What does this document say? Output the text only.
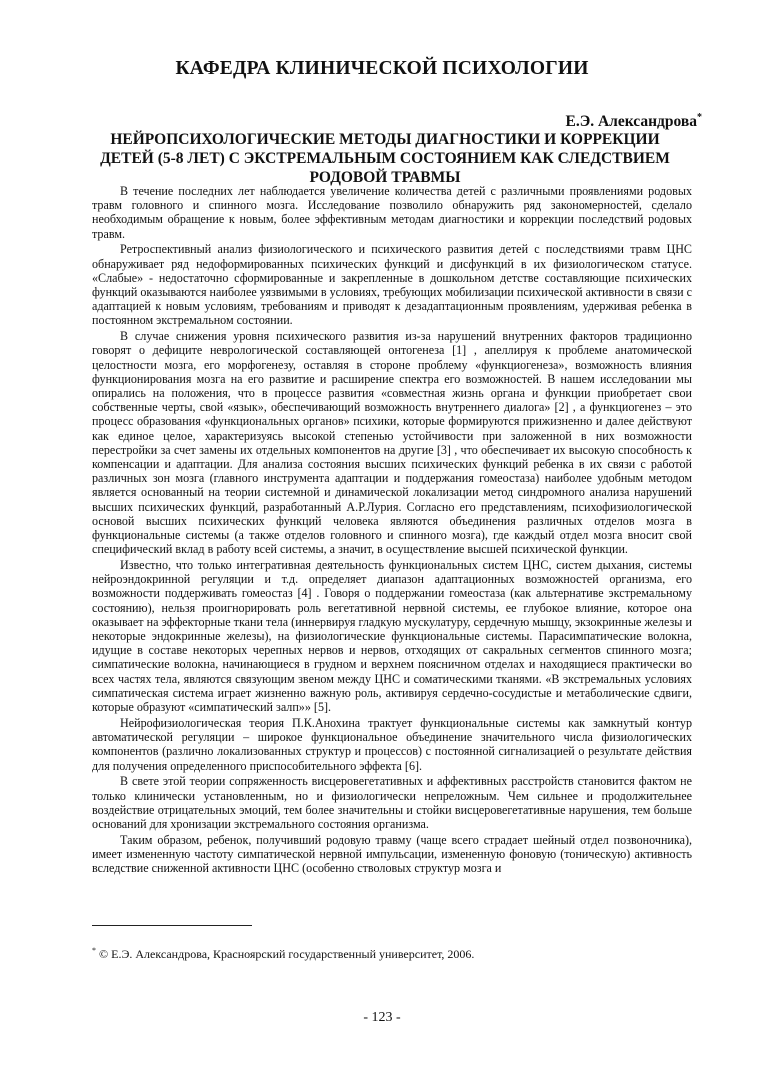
КАФЕДРА КЛИНИЧЕСКОЙ ПСИХОЛОГИИ
Е.Э. Александрова*
НЕЙРОПСИХОЛОГИЧЕСКИЕ МЕТОДЫ ДИАГНОСТИКИ И КОРРЕКЦИИ
ДЕТЕЙ (5-8 ЛЕТ) С ЭКСТРЕМАЛЬНЫМ СОСТОЯНИЕМ КАК СЛЕДСТВИЕМ
РОДОВОЙ ТРАВМЫ

В течение последних лет наблюдается увеличение количества детей с различными проявлениями родовых травм головного и спинного мозга. Исследование позволило обнаружить ряд закономерностей, сделало необходимым обращение к новым, более эффективным методам диагностики и коррекции последствий родовых травм.

Ретроспективный анализ физиологического и психического развития детей с последствиями травм ЦНС обнаруживает ряд недоформированных психических функций и дисфункций в их физиологическом статусе. «Слабые» - недостаточно сформированные и закрепленные в дошкольном детстве составляющие психических функций оказываются наиболее уязвимыми в условиях, требующих мобилизации психической активности в связи с адаптацией к новым условиям, требованиям и приводят к дезадаптационным проявлениям, удерживая ребенка в постоянном экстремальном состоянии.

В случае снижения уровня психического развития из-за нарушений внутренних факторов традиционно говорят о дефиците неврологической составляющей онтогенеза [1] , апеллируя к проблеме анатомической целостности мозга, его морфогенезу, оставляя в стороне проблему «функциогенеза», возможность влияния функционирования мозга на его развитие и расширение спектра его возможностей. В нашем исследовании мы опирались на положения, что в процессе развития «совместная жизнь органа и функции приобретает свои собственные черты, свой «язык», обеспечивающий возможность внутреннего диалога» [2] , а функциогенез – это процесс образования «функциональных органов» психики, которые формируются прижизненно и далее действуют как единое целое, характеризуясь высокой степенью устойчивости при заложенной в них возможности перестройки за счет замены их отдельных компонентов на другие [3] , что обеспечивает их высокую способность к компенсации и адаптации. Для анализа состояния высших психических функций ребенка в их связи с работой различных зон мозга (главного инструмента адаптации и поддержания гомеостаза) наиболее удобным методом является основанный на теории системной и динамической локализации метод синдромного анализа нарушений высших психических функций, разработанный А.Р.Лурия. Согласно его представлениям, психофизиологической основой высших психических функций человека являются объединения различных отделов мозга в функциональные системы (а также отделов головного и спинного мозга), где каждый отдел мозга вносит свой специфический вклад в работу всей системы, а значит, в осуществление высшей психической функции.

Известно, что только интегративная деятельность функциональных систем ЦНС, систем дыхания, системы нейроэндокринной регуляции и т.д. определяет диапазон адаптационных возможностей организма, его возможности поддерживать гомеостаз [4] . Говоря о поддержании гомеостаза (как альтернативе экстремальному состоянию), нельзя проигнорировать роль вегетативной нервной системы, ее глубокое влияние, которое она оказывает на эффекторные ткани тела (иннервируя гладкую мускулатуру, сердечную мышцу, экзокринные железы и некоторые эндокринные железы), на физиологические функциональные системы. Парасимпатические волокна, идущие в составе некоторых черепных нервов и нервов, отходящих от сакральных сегментов спинного мозга; симпатические волокна, начинающиеся в грудном и верхнем поясничном отделах и находящиеся практически во всех частях тела, являются связующим звеном между ЦНС и соматическими тканями. «В экстремальных условиях симпатическая система играет жизненно важную роль, активируя сердечно-сосудистые и метаболические сдвиги, которые образуют «симпатический залп»» [5].

Нейрофизиологическая теория П.К.Анохина трактует функциональные системы как замкнутый контур автоматической регуляции – широкое функциональное объединение значительного числа физиологических компонентов (различно локализованных структур и процессов) с постоянной сигнализацией о результате действия для получения определенного приспособительного эффекта [6].

В свете этой теории сопряженность висцеровегетативных и аффективных расстройств становится фактом не только клинически установленным, но и физиологически непреложным. Чем сильнее и продолжительнее воздействие отрицательных эмоций, тем более значительны и стойки висцеровегетативные нарушения, тем больше оснований для хронизации экстремального состояния организма.

Таким образом, ребенок, получивший родовую травму (чаще всего страдает шейный отдел позвоночника), имеет измененную частоту симпатической нервной импульсации, измененную фоновую (тоническую) активность вследствие сниженной активности ЦНС (особенно стволовых структур мозга и

* © Е.Э. Александрова, Красноярский государственный университет, 2006.
- 123 -
